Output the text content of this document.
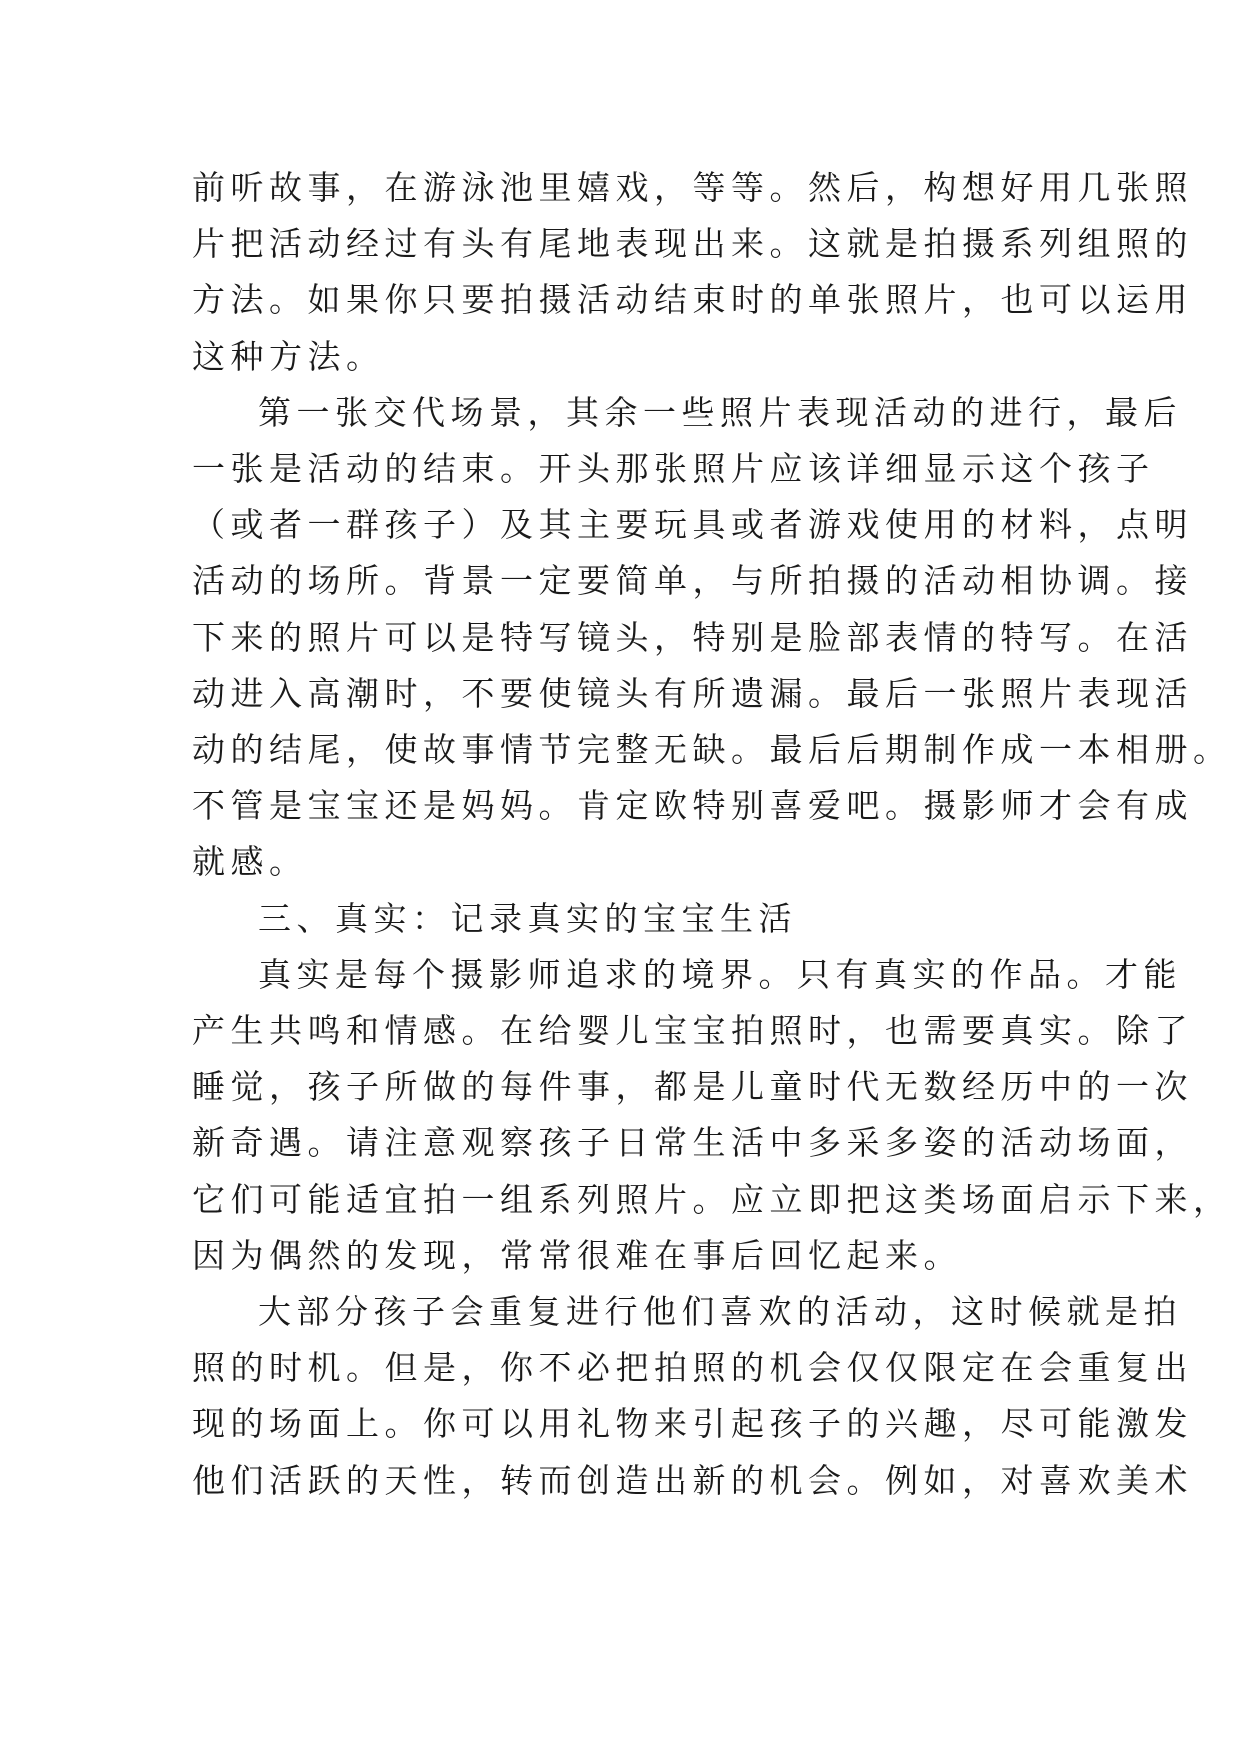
前听故事，在游泳池里嬉戏，等等。然后，构想好用几张照
片把活动经过有头有尾地表现出来。这就是拍摄系列组照的
方法。如果你只要拍摄活动结束时的单张照片，也可以运用
这种方法。
第一张交代场景，其余一些照片表现活动的进行，最后
一张是活动的结束。开头那张照片应该详细显示这个孩子
（或者一群孩子）及其主要玩具或者游戏使用的材料，点明
活动的场所。背景一定要简单，与所拍摄的活动相协调。接
下来的照片可以是特写镜头，特别是脸部表情的特写。在活
动进入高潮时，不要使镜头有所遗漏。最后一张照片表现活
动的结尾，使故事情节完整无缺。最后后期制作成一本相册。
不管是宝宝还是妈妈。肯定欧特别喜爱吧。摄影师才会有成
就感。
三、真实：记录真实的宝宝生活
真实是每个摄影师追求的境界。只有真实的作品。才能
产生共鸣和情感。在给婴儿宝宝拍照时，也需要真实。除了
睡觉，孩子所做的每件事，都是儿童时代无数经历中的一次
新奇遇。请注意观察孩子日常生活中多采多姿的活动场面，
它们可能适宜拍一组系列照片。应立即把这类场面启示下来，
因为偶然的发现，常常很难在事后回忆起来。
大部分孩子会重复进行他们喜欢的活动，这时候就是拍
照的时机。但是，你不必把拍照的机会仅仅限定在会重复出
现的场面上。你可以用礼物来引起孩子的兴趣，尽可能激发
他们活跃的天性，转而创造出新的机会。例如，对喜欢美术
